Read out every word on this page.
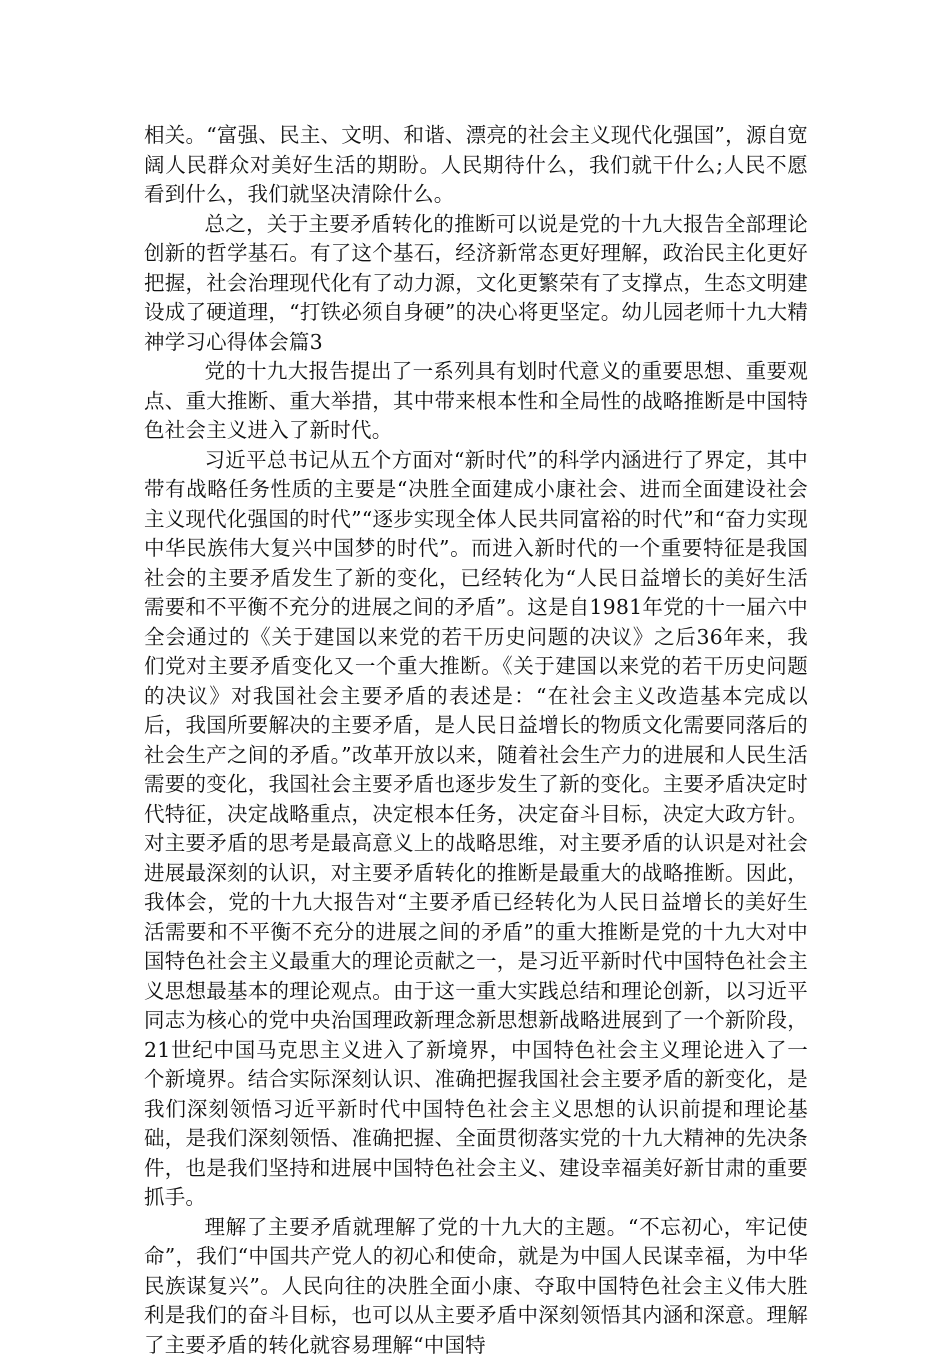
相关。“富强、民主、文明、和谐、漂亮的社会主义现代化强国”，源自宽阔人民群众对美好生活的期盼。人民期待什么，我们就干什么;人民不愿看到什么，我们就坚决清除什么。

总之，关于主要矛盾转化的推断可以说是党的十九大报告全部理论创新的哲学基石。有了这个基石，经济新常态更好理解，政治民主化更好把握，社会治理现代化有了动力源，文化更繁荣有了支撑点，生态文明建设成了硬道理，“打铁必须自身硬”的决心将更坚定。幼儿园老师十九大精神学习心得体会篇3

党的十九大报告提出了一系列具有划时代意义的重要思想、重要观点、重大推断、重大举措，其中带来根本性和全局性的战略推断是中国特色社会主义进入了新时代。

习近平总书记从五个方面对“新时代”的科学内涵进行了界定，其中带有战略任务性质的主要是“决胜全面建成小康社会、进而全面建设社会主义现代化强国的时代”“逐步实现全体人民共同富裕的时代”和“奋力实现中华民族伟大复兴中国梦的时代”。而进入新时代的一个重要特征是我国社会的主要矛盾发生了新的变化，已经转化为“人民日益增长的美好生活需要和不平衡不充分的进展之间的矛盾”。这是自1981年党的十一届六中全会通过的《关于建国以来党的若干历史问题的决议》之后36年来，我们党对主要矛盾变化又一个重大推断。《关于建国以来党的若干历史问题的决议》对我国社会主要矛盾的表述是：“在社会主义改造基本完成以后，我国所要解决的主要矛盾，是人民日益增长的物质文化需要同落后的社会生产之间的矛盾。”改革开放以来，随着社会生产力的进展和人民生活需要的变化，我国社会主要矛盾也逐步发生了新的变化。主要矛盾决定时代特征，决定战略重点，决定根本任务，决定奋斗目标，决定大政方针。对主要矛盾的思考是最高意义上的战略思维，对主要矛盾的认识是对社会进展最深刻的认识，对主要矛盾转化的推断是最重大的战略推断。因此，我体会，党的十九大报告对“主要矛盾已经转化为人民日益增长的美好生活需要和不平衡不充分的进展之间的矛盾”的重大推断是党的十九大对中国特色社会主义最重大的理论贡献之一，是习近平新时代中国特色社会主义思想最基本的理论观点。由于这一重大实践总结和理论创新，以习近平同志为核心的党中央治国理政新理念新思想新战略进展到了一个新阶段，21世纪中国马克思主义进入了新境界，中国特色社会主义理论进入了一个新境界。结合实际深刻认识、准确把握我国社会主要矛盾的新变化，是我们深刻领悟习近平新时代中国特色社会主义思想的认识前提和理论基础，是我们深刻领悟、准确把握、全面贯彻落实党的十九大精神的先决条件，也是我们坚持和进展中国特色社会主义、建设幸福美好新甘肃的重要抓手。

理解了主要矛盾就理解了党的十九大的主题。“不忘初心，牢记使命”，我们“中国共产党人的初心和使命，就是为中国人民谋幸福，为中华民族谋复兴”。人民向往的决胜全面小康、夺取中国特色社会主义伟大胜利是我们的奋斗目标，也可以从主要矛盾中深刻领悟其内涵和深意。理解了主要矛盾的转化就容易理解“中国特
